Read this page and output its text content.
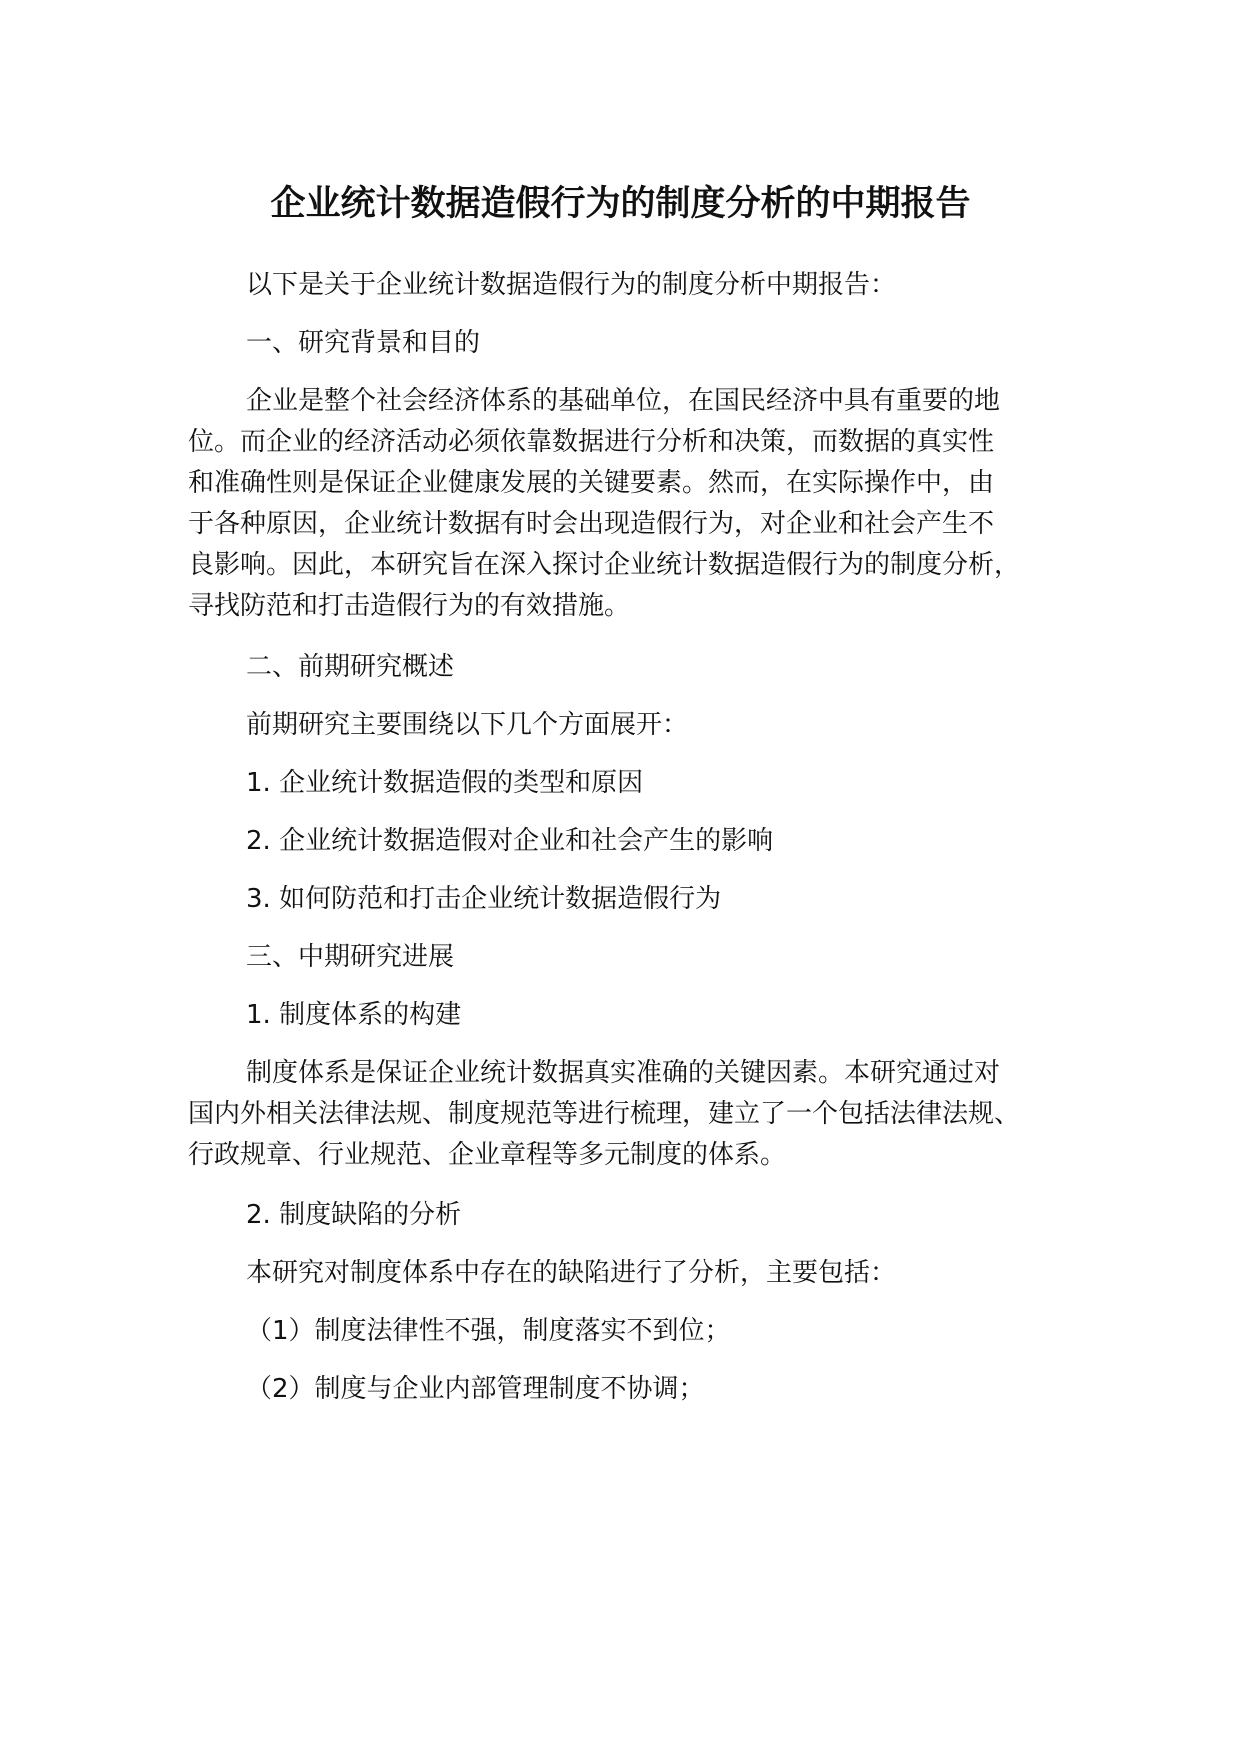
企业统计数据造假行为的制度分析的中期报告
以下是关于企业统计数据造假行为的制度分析中期报告：
一、研究背景和目的
企业是整个社会经济体系的基础单位，在国民经济中具有重要的地
位。而企业的经济活动必须依靠数据进行分析和决策，而数据的真实性
和准确性则是保证企业健康发展的关键要素。然而，在实际操作中，由
于各种原因，企业统计数据有时会出现造假行为，对企业和社会产生不
良影响。因此，本研究旨在深入探讨企业统计数据造假行为的制度分析，
寻找防范和打击造假行为的有效措施。
二、前期研究概述
前期研究主要围绕以下几个方面展开：
1. 企业统计数据造假的类型和原因
2. 企业统计数据造假对企业和社会产生的影响
3. 如何防范和打击企业统计数据造假行为
三、中期研究进展
1. 制度体系的构建
制度体系是保证企业统计数据真实准确的关键因素。本研究通过对
国内外相关法律法规、制度规范等进行梳理，建立了一个包括法律法规、
行政规章、行业规范、企业章程等多元制度的体系。
2. 制度缺陷的分析
本研究对制度体系中存在的缺陷进行了分析，主要包括：
（1）制度法律性不强，制度落实不到位；
（2）制度与企业内部管理制度不协调；
